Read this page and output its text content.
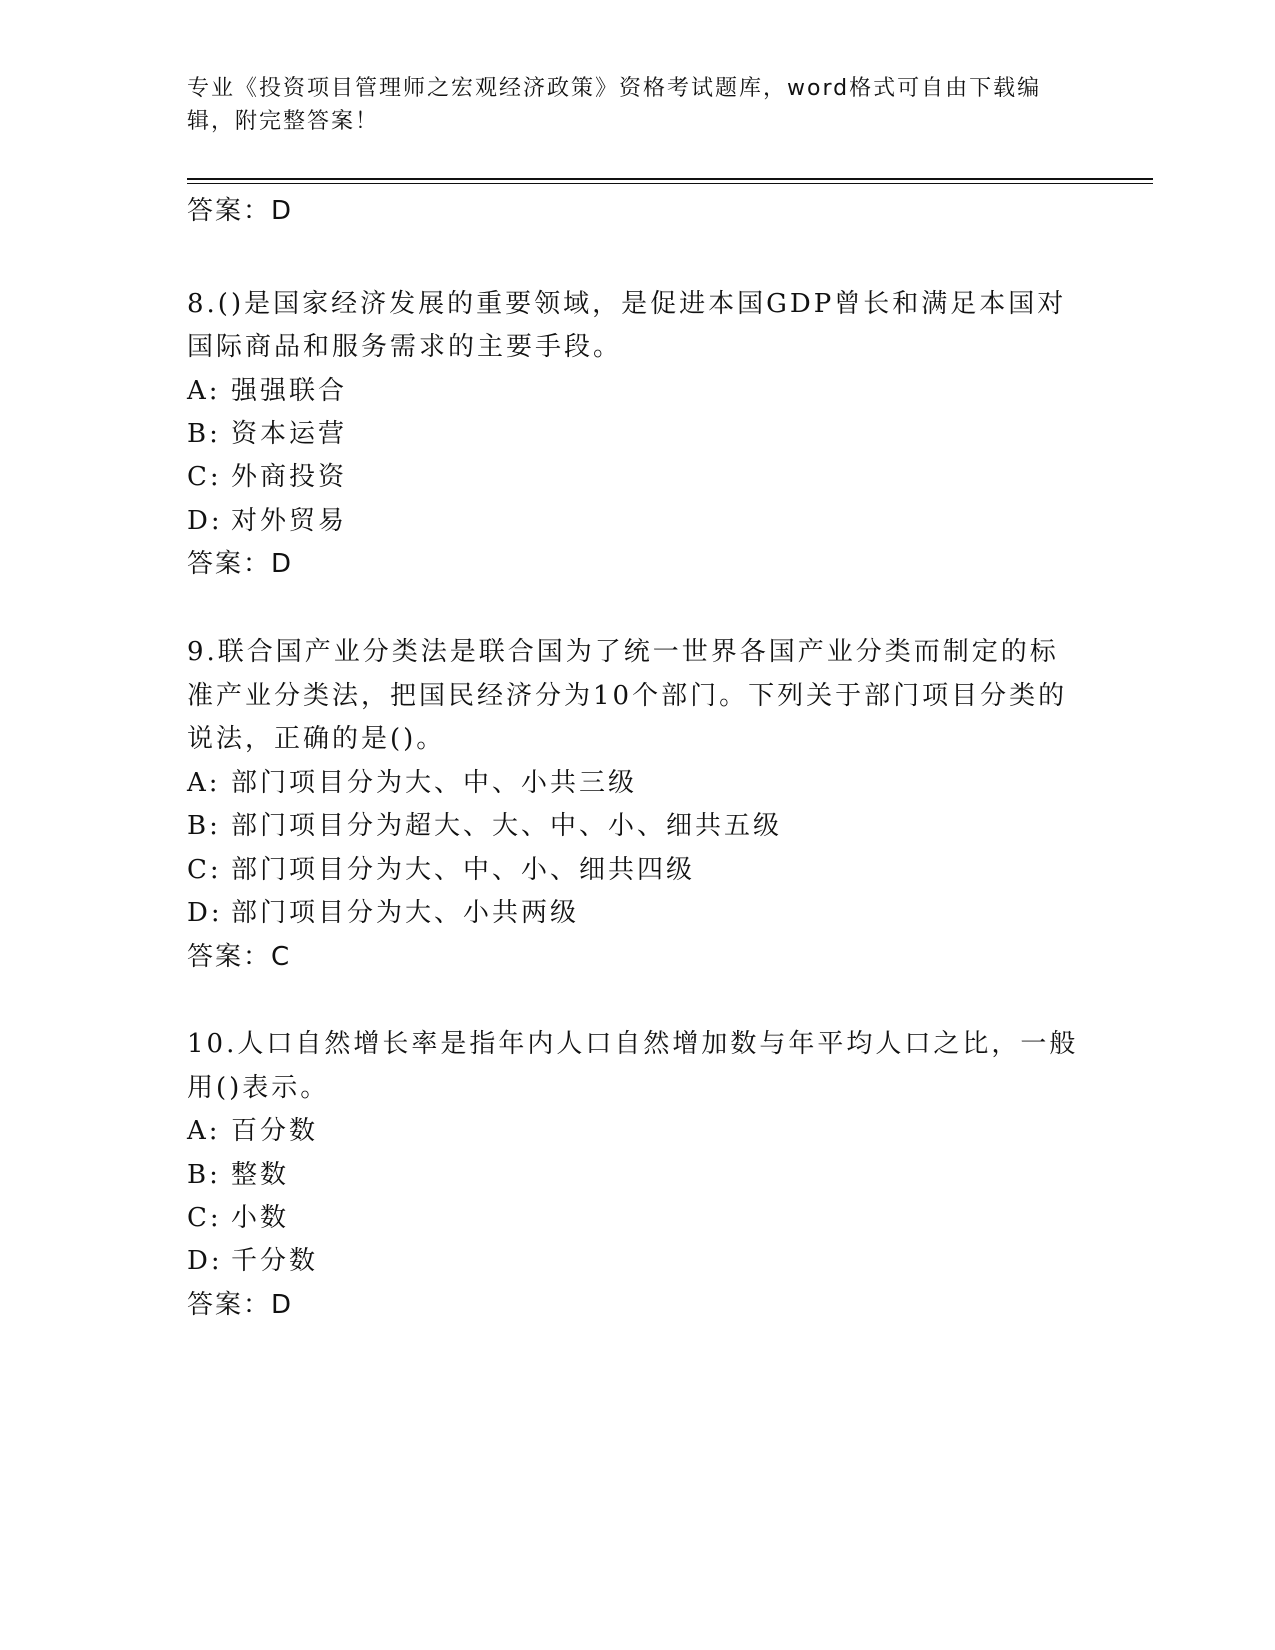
专业《投资项目管理师之宏观经济政策》资格考试题库，word格式可自由下载编
辑，附完整答案！
答案：D
8.()是国家经济发展的重要领域，是促进本国GDP曾长和满足本国对
国际商品和服务需求的主要手段。
A: 强强联合
B: 资本运营
C: 外商投资
D: 对外贸易
答案：D
9.联合国产业分类法是联合国为了统一世界各国产业分类而制定的标
准产业分类法，把国民经济分为10个部门。下列关于部门项目分类的
说法，正确的是()。
A: 部门项目分为大、中、小共三级
B: 部门项目分为超大、大、中、小、细共五级
C: 部门项目分为大、中、小、细共四级
D: 部门项目分为大、小共两级
答案：C
10.人口自然增长率是指年内人口自然增加数与年平均人口之比，一般
用()表示。
A: 百分数
B: 整数
C: 小数
D: 千分数
答案：D
